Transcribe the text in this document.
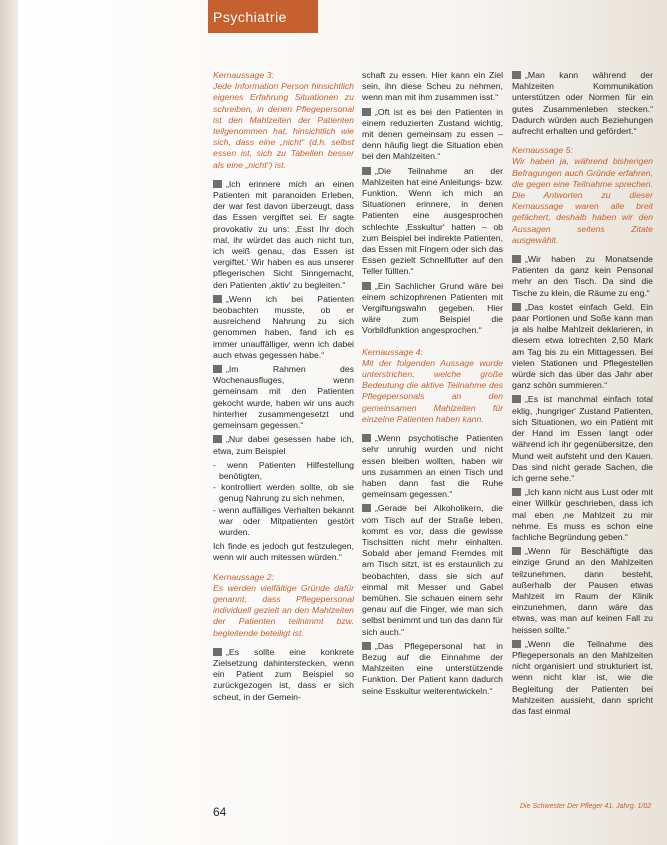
Psychiatrie
Kernaussage 3:
Jede Information Person hinsichtlich eigenes Erfahrung Situationen zu schreiben, in denen Pflegepersonal ist den Mahlzeiten der Patienten teilgenommen hat, hinsichtlich wie sich, dass eine „nicht“ (d.h. selbst essen ist, sich zu Tabellen besser als eine „nicht“) ist.

„Ich erinnere mich an einen Patienten mit paranoiden Erleben, der war fest davon überzeugt, dass das Essen vergiftet sei. Er sagte provokativ zu uns: ‚Esst Ihr doch mal, ihr würdet das auch nicht tun, ich weiß genau, das Essen ist vergiftet.‘ Wir haben es aus unserer pflegerischen Sicht Sinngemacht, den Patienten ‚aktiv‘ zu begleiten.“

„Wenn ich bei Patienten beobachten musste, ob er ausreichend Nahrung zu sich genommen haben, fand ich es immer unauffälliger, wenn ich dabei auch etwas gegessen habe.“

„Im Rahmen des Wochenausfluges, wenn gemeinsam mit den Patienten gekocht wurde, haben wir uns auch hinterher zusammengesetzt und gemeinsam gegessen.“

„Nur dabei gesessen habe ich, etwa, zum Beispiel

- wenn Patienten Hilfestellung benötigten,
- kontrolliert werden sollte, ob sie genug Nahrung zu sich nehmen,
- wenn auffälliges Verhalten bekannt war oder Mitpatienten gestört wurden.

Ich finde es jedoch gut festzulegen, wenn wir auch mitessen würden.“

Kernaussage 2:
Es werden vielfältige Gründe dafür genannt, dass Pflegepersonal individuell gezielt an den Mahlzeiten der Patienten teilnimmt bzw. begleitende beteiligt ist.

„Es sollte eine konkrete Zielsetzung dahinterstecken, wenn ein Patient zum Beispiel so zurückgezogen ist, dass er sich scheut, in der Gemein-

schaft zu essen. Hier kann ein Ziel sein, ihn diese Scheu zu nehmen, wenn man mit ihm zusammen isst.“

„Oft ist es bei den Patienten in einem reduzierten Zustand wichtig, mit denen gemeinsam zu essen – denn häufig liegt die Situation eben bei den Mahlzeiten.“

„Die Teilnahme an der Mahlzeiten hat eine Anleitungs- bzw. Funktion. Wenn ich mich an Situationen erinnere, in denen Patienten eine ausgesprochen schlechte ‚Esskultur‘ hatten – ob zum Beispiel bei indirekte Patienten, das Essen mit Fingern oder sich das Essen gezielt Schnellfutter auf den Teller füllten.“

„Ein Sachlicher Grund wäre bei einem schizophrenen Patienten mit Vergiftungswahn gegeben. Hier wäre zum Beispiel die Vorbildfunktion angesprochen.“

Kernaussage 4:
Mit der folgenden Aussage wurde unterstrichen, welche große Bedeutung die aktive Teilnahme des Pflegepersonals an den gemeinsamen Mahlzeiten für einzelne Patienten haben kann.

„Wenn psychotische Patienten sehr unruhig wurden und nicht essen bleiben wollten, haben wir uns zusammen an einen Tisch und haben dann fast die Ruhe gemeinsam gegessen.“

„Gerade bei Alkoholikern, die vom Tisch auf der Straße leben, kommt es vor, dass die gewisse Tischsitten nicht mehr einhalten. Sobald aber jemand Fremdes mit am Tisch sitzt, ist es erstaunlich zu beobachten, dass sie sich auf einmal mit Messer und Gabel bemühen. Sie schauen einem sehr genau auf die Finger, wie man sich selbst benimmt und tun das dann für sich auch.“

„Das Pflegepersonal hat in Bezug auf die Einnahme der Mahlzeiten eine unterstützende Funktion. Der Patient kann dadurch seine Esskultur weiterentwickeln.“

„Man kann während der Mahlzeiten Kommunikation unterstützen oder Normen für ein gutes Zusammenleben stecken.“ Dadurch würden auch Beziehungen aufrecht erhalten und gefördert.“

Kernaussage 5:
Wir haben ja, während bisherigen Befragungen auch Gründe erfahren, die gegen eine Teilnahme sprechen. Die Antworten zu dieser Kernaussage waren alle breit gefächert, deshalb haben wir den Aussagen seitens Zitate ausgewählt.

„Wir haben zu Monatsende Patienten da ganz kein Pensonal mehr an den Tisch. Da sind die Tische zu klein, die Räume zu eng.“

„Das kostet einfach Geld. Ein paar Portionen und Soße kann man ja als halbe Mahlzeit deklarieren, in diesem etwa lotrechten 2,50 Mark am Tag bis zu ein Mittagessen. Bei vielen Stationen und Pflegestellen würde sich das über das Jahr aber ganz schön summieren.“

„Es ist manchmal einfach total eklig, ‚hungriger‘ Zustand Patienten, sich Situationen, wo ein Patient mit der Hand im Essen langt oder während ich ihr gegenübersitze, den Mund weit aufsteht und den Kauen. Das sind nicht gerade Sachen, die ich gerne sehe.“

„Ich kann nicht aus Lust oder mit einer Willkür geschrieben, dass ich mal eben ‚ne Mahlzeit zu mir nehme. Es muss es schon eine fachliche Begründung geben.“

„Wenn für Beschäftigte das einzige Grund an den Mahlzeiten teilzunehmen, dann besteht, außerhalb der Pausen etwas Mahlzeit im Raum der Klinik einzunehmen, dann wäre das etwas, was man auf keinen Fall zu heissen sollte.“

„Wenn die Teilnahme des Pflegepersonals an den Mahlzeiten nicht organisiert und strukturiert ist, wenn nicht klar ist, wie die Begleitung der Patienten bei Mahlzeiten aussieht, dann spricht das fast einmal

64	Die Schwester Der Pfleger 41. Jahrg. 1/02
